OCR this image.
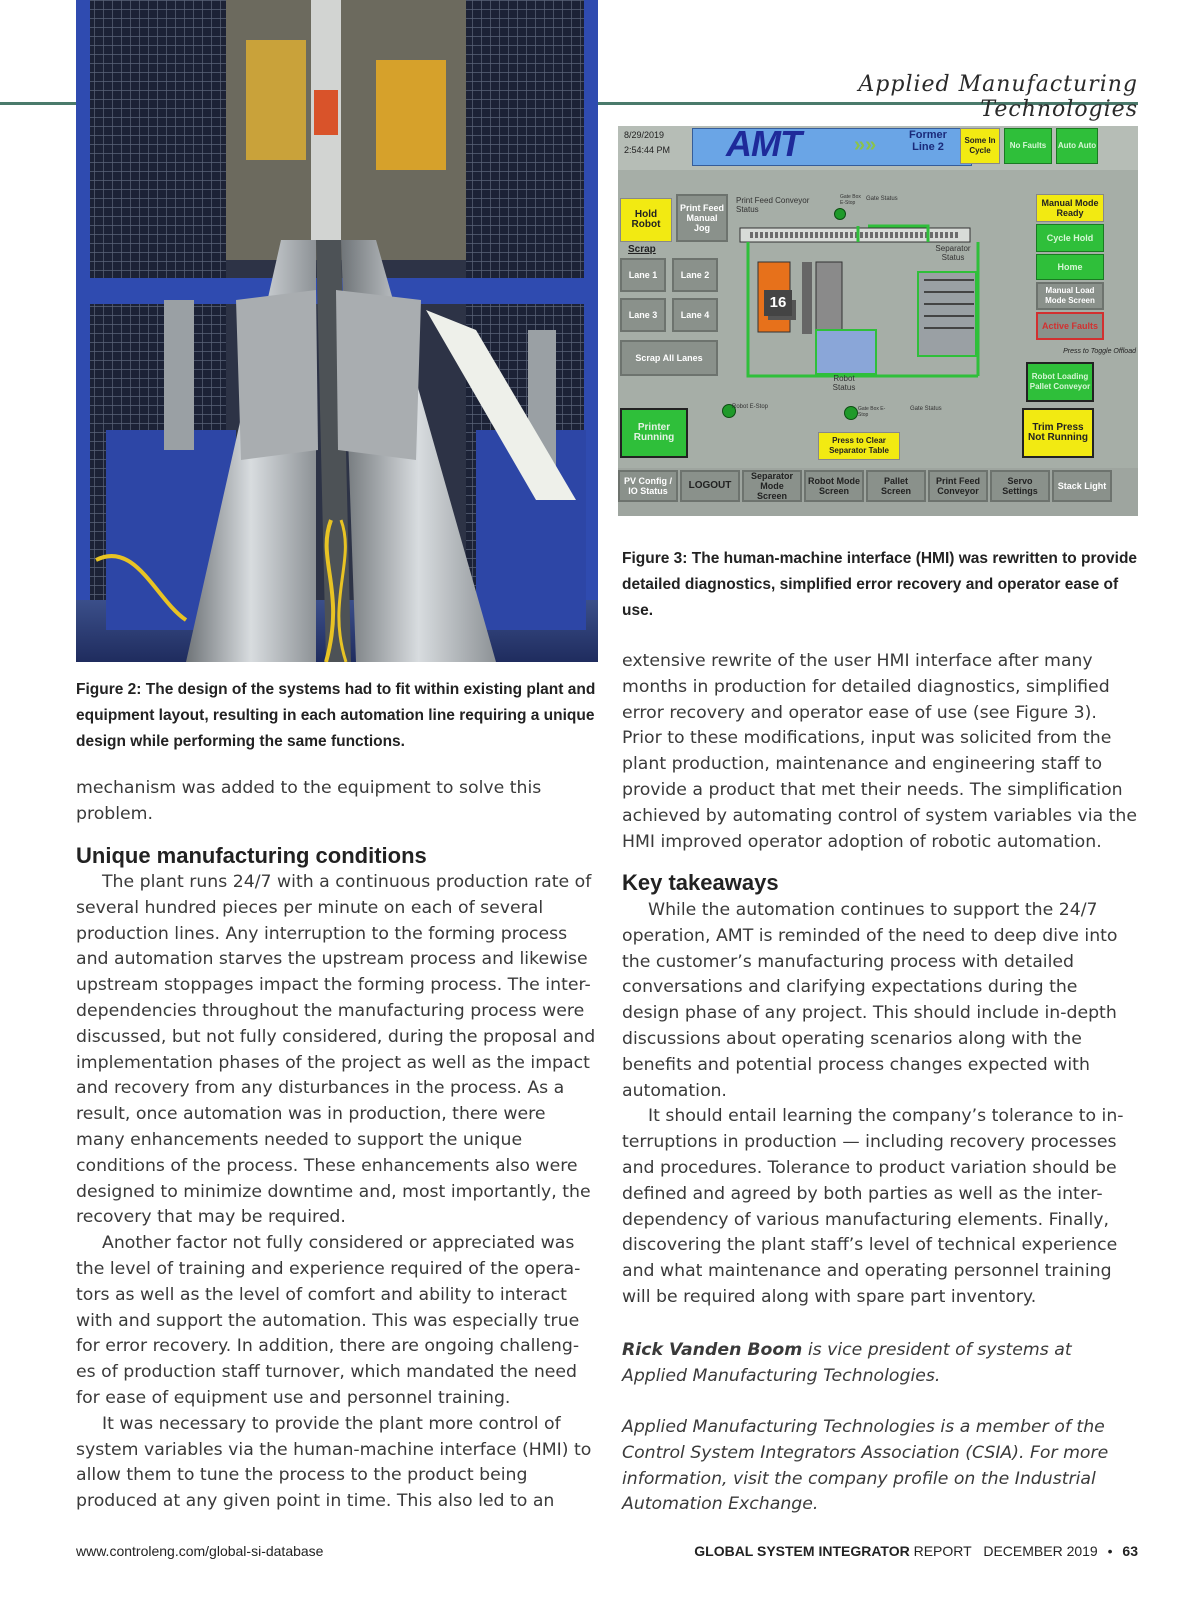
Applied Manufacturing Technologies
8/29/2019
2:54:44 PM AMT	»»	Former
Line 2
Some In Cycle
No Faults	Auto Auto
Hold Robot
Print Feed Manual Jog
Print Feed Conveyor Status
Scrap
Lane 1	Lane 2
Lane 3	Lane 4
Scrap All Lanes
16
Separator Status
Robot Status
Gate Status
Gate Box E-Stop
Robot E-Stop	Gate Box E-Stop
Gate Status
Manual Mode Ready
Cycle Hold
Home
Manual Load Mode Screen
Active Faults
Press to Toggle Offload
Robot Loading Pallet Conveyor
Printer Running	Press to Clear Separator Table
Trim Press Not Running
PV Config / IO Status	LOGOUT
Separator Mode Screen
Robot Mode Screen
Pallet Screen
Print Feed Conveyor
Servo Settings	Stack Light
Figure 3: The human-machine interface (HMI) was rewritten to provide detailed diagnostics, simplified error recovery and operator ease of use.
Figure 2: The design of the systems had to fit within existing plant and equipment layout, resulting in each automation line requiring a unique design while performing the same functions.
mechanism was added to the equipment to solve this problem.
Unique manufacturing conditions

The plant runs 24/7 with a continuous production rate of several hundred pieces per minute on each of several production lines. Any interruption to the forming process and automation starves the upstream process and likewise upstream stoppages impact the forming process. The inter-dependencies throughout the manufacturing process were discussed, but not fully considered, during the proposal and implementation phases of the project as well as the impact and recovery from any disturbances in the process. As a result, once automation was in production, there were many enhancements needed to support the unique conditions of the process. These enhancements also were designed to minimize downtime and, most importantly, the recovery that may be required.

Another factor not fully considered or appreciated was the level of training and experience required of the opera-tors as well as the level of comfort and ability to interact with and support the automation. This was especially true for error recovery. In addition, there are ongoing challeng-es of production staff turnover, which mandated the need for ease of equipment use and personnel training.

It was necessary to provide the plant more control of system variables via the human-machine interface (HMI) to allow them to tune the process to the product being produced at any given point in time. This also led to an

extensive rewrite of the user HMI interface after many months in production for detailed diagnostics, simplified error recovery and operator ease of use (see Figure 3). Prior to these modifications, input was solicited from the plant production, maintenance and engineering staff to provide a product that met their needs. The simplification achieved by automating control of system variables via the HMI improved operator adoption of robotic automation.
Key takeaways

While the automation continues to support the 24/7 operation, AMT is reminded of the need to deep dive into the customer’s manufacturing process with detailed conversations and clarifying expectations during the design phase of any project. This should include in-depth discussions about operating scenarios along with the benefits and potential process changes expected with automation.

It should entail learning the company’s tolerance to in-terruptions in production — including recovery processes and procedures. Tolerance to product variation should be defined and agreed by both parties as well as the inter-dependency of various manufacturing elements. Finally, discovering the plant staff’s level of technical experience and what maintenance and operating personnel training will be required along with spare part inventory.

Rick Vanden Boom is vice president of systems at Applied Manufacturing Technologies.
Applied Manufacturing Technologies is a member of the Control System Integrators Association (CSIA). For more information, visit the company profile on the Industrial Automation Exchange.
www.controleng.com/global-si-database	GLOBAL SYSTEM INTEGRATOR REPORT DECEMBER 2019 • 63
